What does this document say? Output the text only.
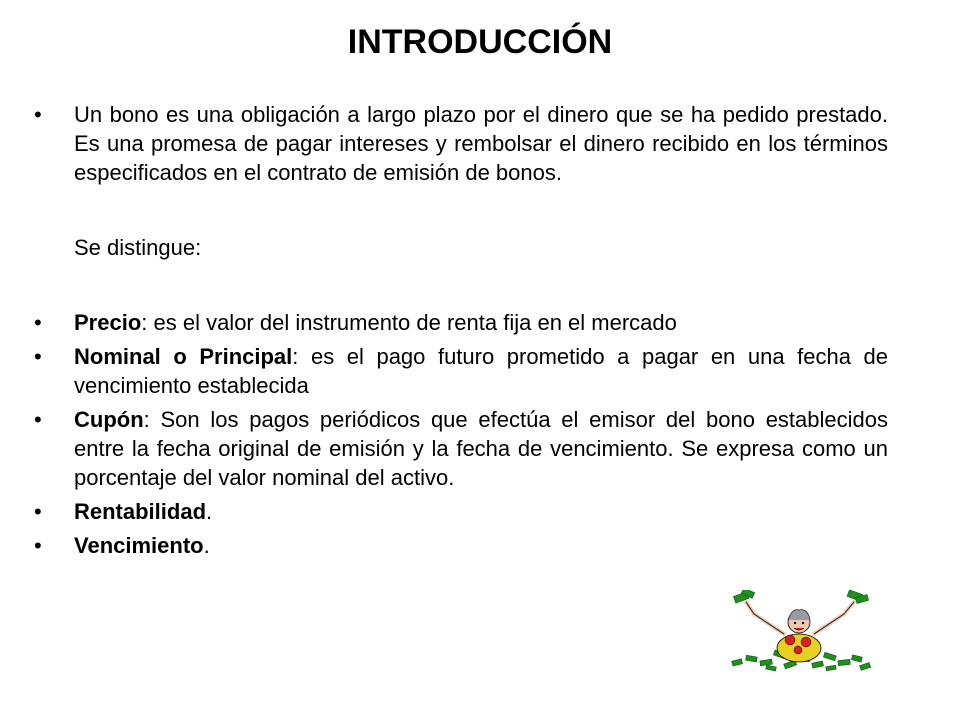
INTRODUCCIÓN

• Un bono es una obligación a largo plazo por el dinero que se ha pedido prestado. Es una promesa de pagar intereses y rembolsar el dinero recibido en los términos especificados en el contrato de emisión de bonos.

Se distingue:

• Precio: es el valor del instrumento de renta fija en el mercado

• Nominal o Principal: es el pago futuro prometido a pagar en una fecha de vencimiento establecida

• Cupón: Son los pagos periódicos que efectúa el emisor del bono establecidos entre la fecha original de emisión y la fecha de vencimiento. Se expresa como un porcentaje del valor nominal del activo.

• Rentabilidad.

• Vencimiento.
